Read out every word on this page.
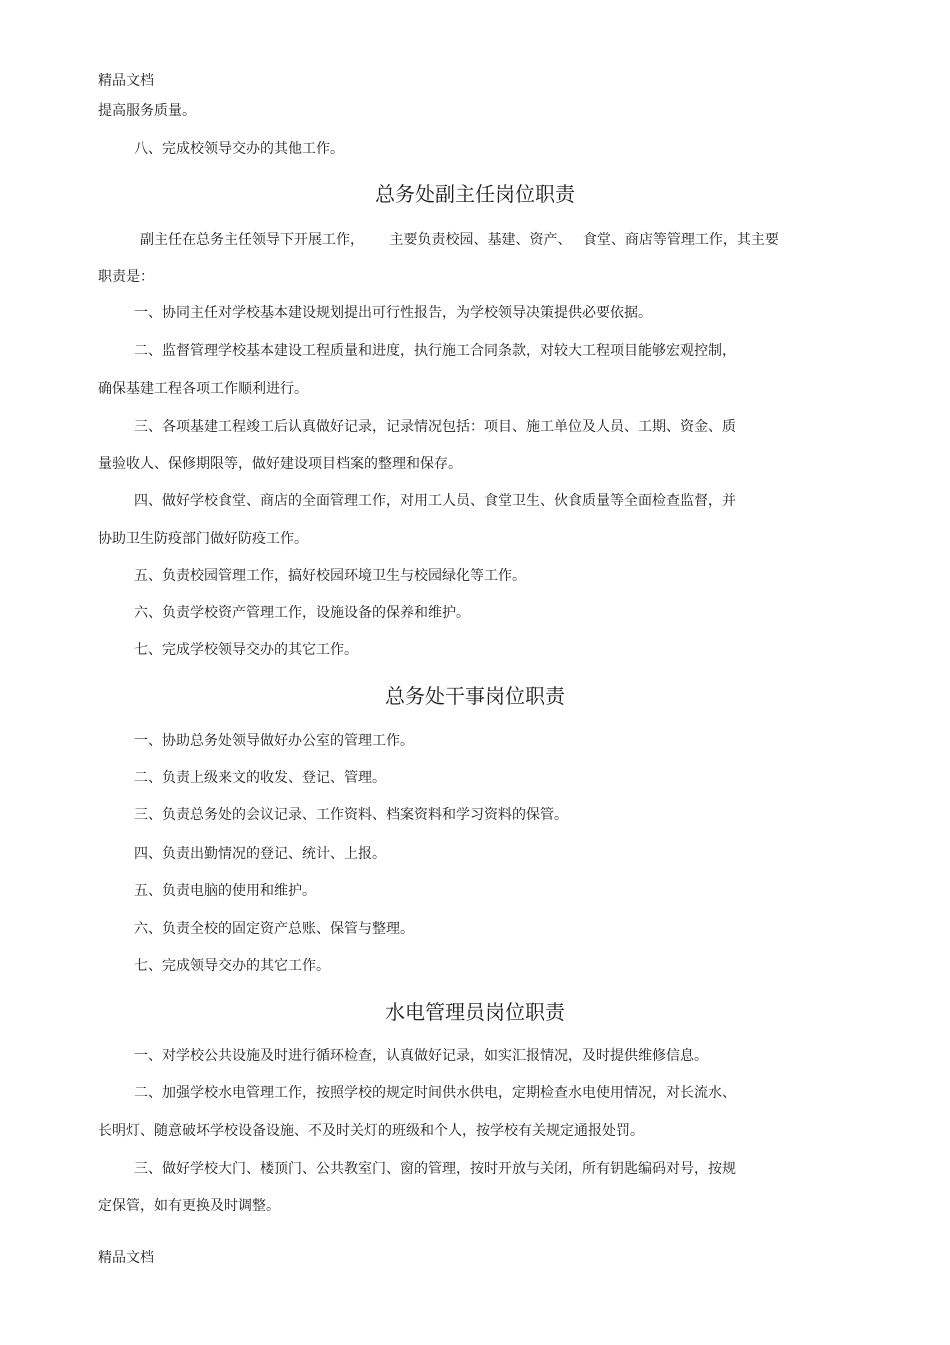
精品文档
提高服务质量。
八、完成校领导交办的其他工作。
总务处副主任岗位职责
副主任在总务主任领导下开展工作，　　 主要负责校园、基建、资产、　 食堂、商店等管理工作，其主要
职责是：
一、协同主任对学校基本建设规划提出可行性报告，为学校领导决策提供必要依据。
二、监督管理学校基本建设工程质量和进度，执行施工合同条款，对较大工程项目能够宏观控制，
确保基建工程各项工作顺利进行。
三、各项基建工程竣工后认真做好记录，记录情况包括：项目、施工单位及人员、工期、资金、质
量验收人、保修期限等，做好建设项目档案的整理和保存。
四、做好学校食堂、商店的全面管理工作，对用工人员、食堂卫生、伙食质量等全面检查监督，并
协助卫生防疫部门做好防疫工作。
五、负责校园管理工作，搞好校园环境卫生与校园绿化等工作。
六、负责学校资产管理工作，设施设备的保养和维护。
七、完成学校领导交办的其它工作。
总务处干事岗位职责
一、协助总务处领导做好办公室的管理工作。
二、负责上级来文的收发、登记、管理。
三、负责总务处的会议记录、工作资料、档案资料和学习资料的保管。
四、负责出勤情况的登记、统计、上报。
五、负责电脑的使用和维护。
六、负责全校的固定资产总账、保管与整理。
七、完成领导交办的其它工作。
水电管理员岗位职责
一、对学校公共设施及时进行循环检查，认真做好记录，如实汇报情况，及时提供维修信息。
二、加强学校水电管理工作，按照学校的规定时间供水供电，定期检查水电使用情况，对长流水、
长明灯、随意破坏学校设备设施、不及时关灯的班级和个人，按学校有关规定通报处罚。
三、做好学校大门、楼顶门、公共教室门、窗的管理，按时开放与关闭，所有钥匙编码对号，按规
定保管，如有更换及时调整。
精品文档
